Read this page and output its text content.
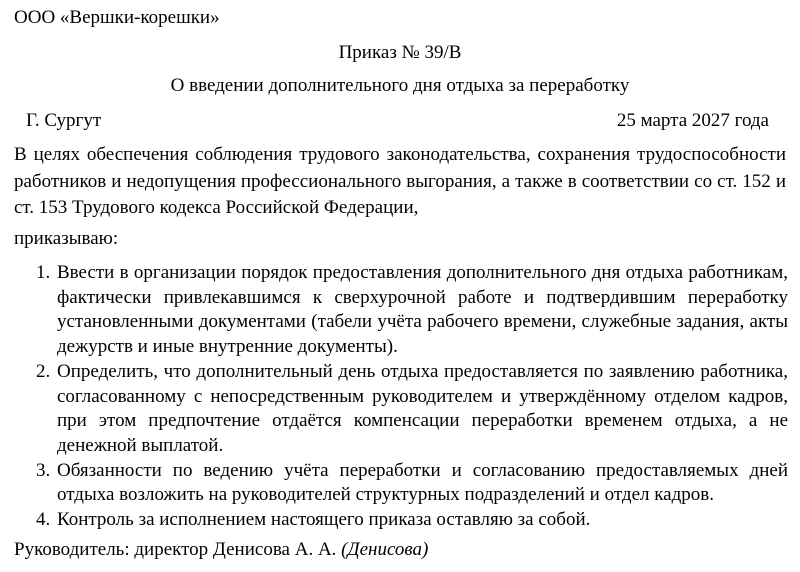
ООО «Вершки-корешки»
Приказ № 39/В
О введении дополнительного дня отдыха за переработку
Г. Сургут	25 марта 2027 года
В целях обеспечения соблюдения трудового законодательства, сохранения трудоспособности работников и недопущения профессионального выгорания, а также в соответствии со ст. 152 и ст. 153 Трудового кодекса Российской Федерации,
приказываю:
1. Ввести в организации порядок предоставления дополнительного дня отдыха работникам, фактически привлекавшимся к сверхурочной работе и подтвердившим переработку установленными документами (табели учёта рабочего времени, служебные задания, акты дежурств и иные внутренние документы).
2. Определить, что дополнительный день отдыха предоставляется по заявлению работника, согласованному с непосредственным руководителем и утверждённому отделом кадров, при этом предпочтение отдаётся компенсации переработки временем отдыха, а не денежной выплатой.
3. Обязанности по ведению учёта переработки и согласованию предоставляемых дней отдыха возложить на руководителей структурных подразделений и отдел кадров.
4. Контроль за исполнением настоящего приказа оставляю за собой.
Руководитель: директор Денисова А. А. (Денисова)
